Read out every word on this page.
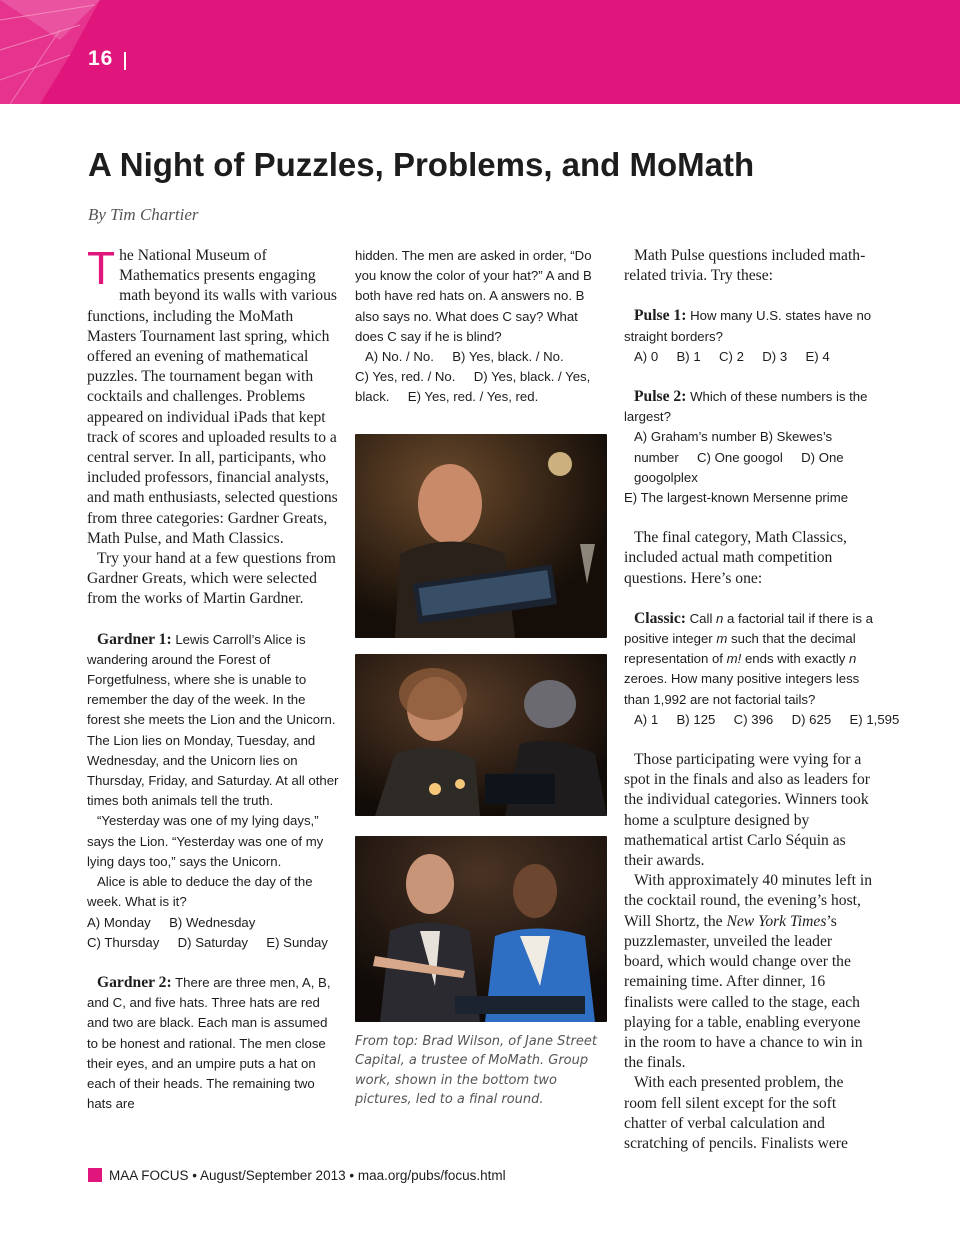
16
A Night of Puzzles, Problems, and MoMath
By Tim Chartier

The National Museum of Mathematics presents engaging math beyond its walls with various functions, including the MoMath Masters Tournament last spring, which offered an evening of mathematical puzzles. The tournament began with cocktails and challenges. Problems appeared on individual iPads that kept track of scores and uploaded results to a central server. In all, participants, who included professors, financial analysts, and math enthusiasts, selected questions from three categories: Gardner Greats, Math Pulse, and Math Classics.

Try your hand at a few questions from Gardner Greats, which were selected from the works of Martin Gardner.

Gardner 1: Lewis Carroll’s Alice is wandering around the Forest of Forgetfulness, where she is unable to remember the day of the week. In the forest she meets the Lion and the Unicorn. The Lion lies on Monday, Tuesday, and Wednesday, and the Unicorn lies on Thursday, Friday, and Saturday. At all other times both animals tell the truth.

“Yesterday was one of my lying days,” says the Lion. “Yesterday was one of my lying days too,” says the Unicorn.

Alice is able to deduce the day of the week. What is it?

A) Monday     B) Wednesday

C) Thursday     D) Saturday     E) Sunday

Gardner 2: There are three men, A, B, and C, and five hats. Three hats are red and two are black. Each man is assumed to be honest and rational. The men close their eyes, and an umpire puts a hat on each of their heads. The remaining two hats are

hidden. The men are asked in order, “Do you know the color of your hat?” A and B both have red hats on. A answers no. B also says no. What does C say? What does C say if he is blind?

A) No. / No.     B) Yes, black. / No.

C) Yes, red. / No.     D) Yes, black. / Yes, black.     E) Yes, red. / Yes, red.

From top: Brad Wilson, of Jane Street Capital, a trustee of MoMath. Group work, shown in the bottom two pictures, led to a final round.

Math Pulse questions included math-related trivia. Try these:

Pulse 1: How many U.S. states have no straight borders?

A) 0     B) 1     C) 2     D) 3     E) 4

Pulse 2: Which of these numbers is the largest?

A) Graham’s number B) Skewes’s number     C) One googol     D) One googolplex

E) The largest-known Mersenne prime

The final category, Math Classics, included actual math competition questions. Here’s one:

Classic: Call n a factorial tail if there is a positive integer m such that the decimal representation of m! ends with exactly n zeroes. How many positive integers less than 1,992 are not factorial tails?

A) 1     B) 125     C) 396     D) 625     E) 1,595

Those participating were vying for a spot in the finals and also as leaders for the individual categories. Winners took home a sculpture designed by mathematical artist Carlo Séquin as their awards.

With approximately 40 minutes left in the cocktail round, the evening’s host, Will Shortz, the New York Times’s puzzlemaster, unveiled the leader board, which would change over the remaining time. After dinner, 16 finalists were called to the stage, each playing for a table, enabling everyone in the room to have a chance to win in the finals.

With each presented problem, the room fell silent except for the soft chatter of verbal calculation and scratching of pencils. Finalists were

MAA FOCUS • August/September 2013 • maa.org/pubs/focus.html
